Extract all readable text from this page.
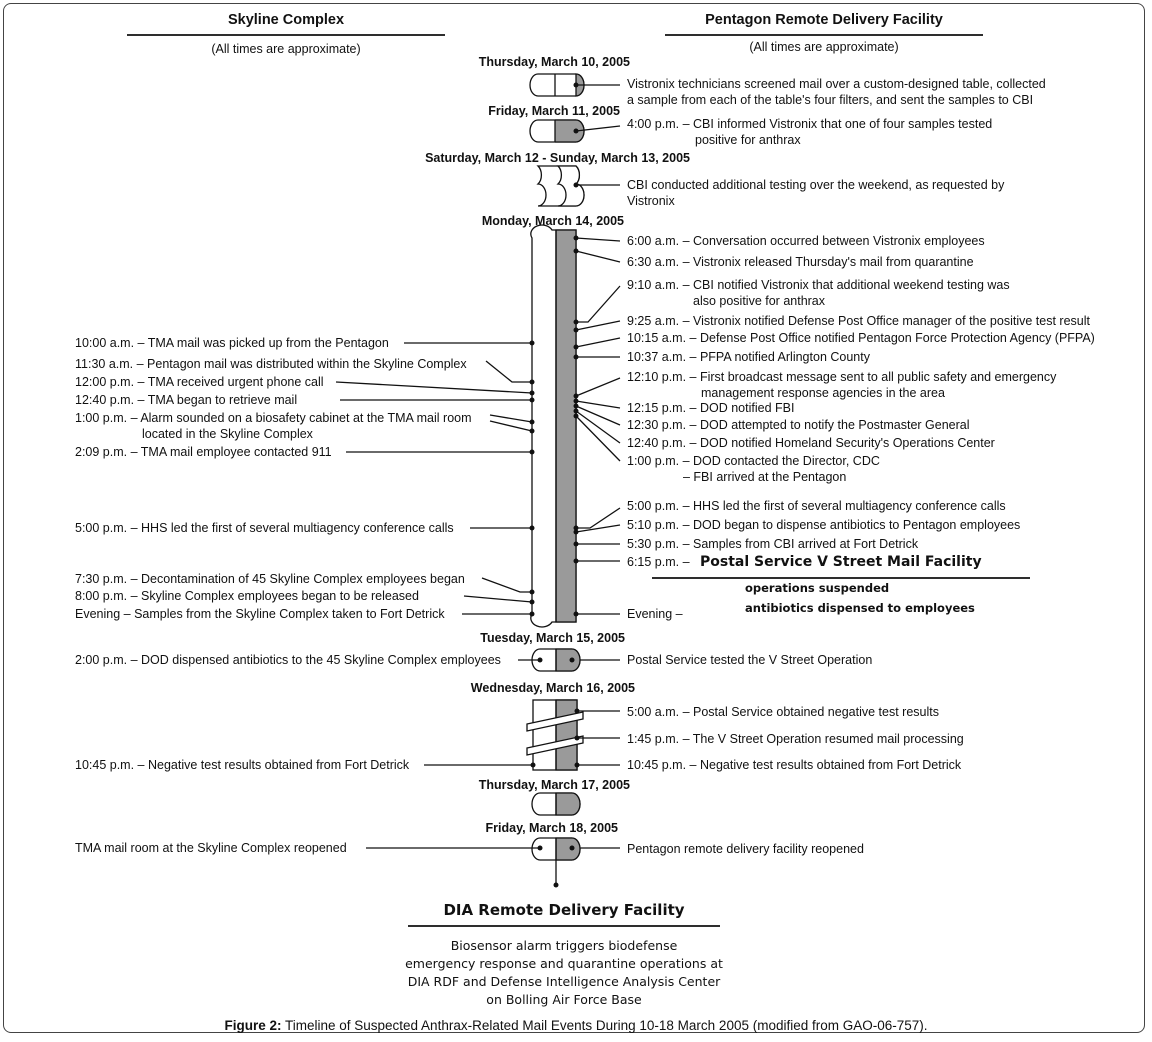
Skyline Complex
(All times are approximate)
Pentagon Remote Delivery Facility
(All times are approximate)
Thursday, March 10, 2005
Friday, March 11, 2005
Saturday, March 12 - Sunday, March 13, 2005
Monday, March 14, 2005
Tuesday, March 15, 2005
Wednesday, March 16, 2005
Thursday, March 17, 2005
Friday, March 18, 2005
10:00 a.m. – TMA mail was picked up from the Pentagon
11:30 a.m. – Pentagon mail was distributed within the Skyline Complex
12:00 p.m. – TMA received urgent phone call
12:40 p.m. – TMA began to retrieve mail
1:00 p.m. – Alarm sounded on a biosafety cabinet at the TMA mail room
located in the Skyline Complex
2:09 p.m. – TMA mail employee contacted 911
5:00 p.m. – HHS led the first of several multiagency conference calls
7:30 p.m. – Decontamination of 45 Skyline Complex employees began
8:00 p.m. – Skyline Complex employees began to be released
Evening – Samples from the Skyline Complex taken to Fort Detrick
2:00 p.m. – DOD dispensed antibiotics to the 45 Skyline Complex employees
10:45 p.m. – Negative test results obtained from Fort Detrick
TMA mail room at the Skyline Complex reopened
Vistronix technicians screened mail over a custom-designed table, collected
a sample from each of the table's four filters, and sent the samples to CBI
4:00 p.m. – CBI informed Vistronix that one of four samples tested
positive for anthrax
CBI conducted additional testing over the weekend, as requested by
Vistronix
6:00 a.m. – Conversation occurred between Vistronix employees
6:30 a.m. – Vistronix released Thursday's mail from quarantine
9:10 a.m. – CBI notified Vistronix that additional weekend testing was
also positive for anthrax
9:25 a.m. – Vistronix notified Defense Post Office manager of the positive test result
10:15 a.m. – Defense Post Office notified Pentagon Force Protection Agency (PFPA)
10:37 a.m. – PFPA notified Arlington County
12:10 p.m. – First broadcast message sent to all public safety and emergency
management response agencies in the area
12:15 p.m. – DOD notified FBI
12:30 p.m. – DOD attempted to notify the Postmaster General
12:40 p.m. – DOD notified Homeland Security's Operations Center
1:00 p.m. – DOD contacted the Director, CDC
– FBI arrived at the Pentagon
5:00 p.m. – HHS led the first of several multiagency conference calls
5:10 p.m. – DOD began to dispense antibiotics to Pentagon employees
5:30 p.m. – Samples from CBI arrived at Fort Detrick
6:15 p.m. –
Evening –
Postal Service tested the V Street Operation
5:00 a.m. – Postal Service obtained negative test results
1:45 p.m. – The V Street Operation resumed mail processing
10:45 p.m. – Negative test results obtained from Fort Detrick
Pentagon remote delivery facility reopened
Postal Service V Street Mail Facility
operations suspended
antibiotics dispensed to employees
DIA Remote Delivery Facility
Biosensor alarm triggers biodefense
emergency response and quarantine operations at
DIA RDF and Defense Intelligence Analysis Center
on Bolling Air Force Base
Figure 2: Timeline of Suspected Anthrax-Related Mail Events During 10-18 March 2005 (modified from GAO-06-757).
